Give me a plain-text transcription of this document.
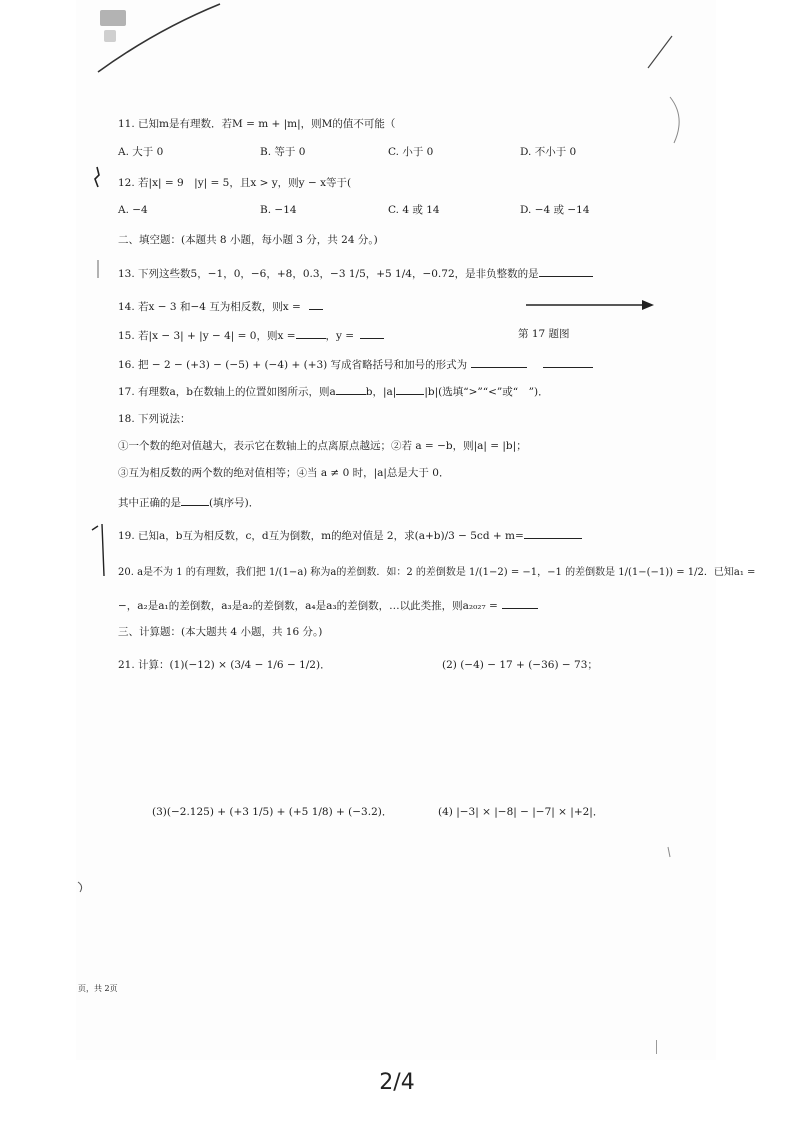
11. 已知m是有理数．若M = m + |m|，则M的值不可能（
A. 大于 0	B. 等于 0	C. 小于 0	D. 不小于 0
12. 若|x| = 9　|y| = 5，且x > y，则y − x等于(
A. −4	B. −14	C. 4 或 14	D. −4 或 −14
二、填空题：(本题共 8 小题，每小题 3 分，共 24 分。)
13. 下列这些数5，−1，0，−6，+8，0.3，−3 1/5，+5 1/4，−0.72，是非负整数的是
14. 若x − 3 和−4 互为相反数，则x =
15. 若|x − 3| + |y − 4| = 0，则x =	，y =	第 17 题图
16. 把 − 2 − (+3) − (−5) + (−4) + (+3) 写成省略括号和加号的形式为
17. 有理数a，b在数轴上的位置如图所示，则a	b，|a|	|b|(选填“>”“<”或“　”)．
18. 下列说法：
①一个数的绝对值越大，表示它在数轴上的点离原点越远；②若 a = −b，则|a| = |b|；
③互为相反数的两个数的绝对值相等；④当 a ≠ 0 时，|a|总是大于 0．
其中正确的是	(填序号)．
19. 已知a，b互为相反数，c，d互为倒数，m的绝对值是 2，求(a+b)/3 − 5cd + m=
20. a是不为 1 的有理数，我们把 1/(1−a) 称为a的差倒数．如：2 的差倒数是 1/(1−2) = −1，−1 的差倒数是 1/(1−(−1)) = 1/2．已知a₁ =
−，a₂是a₁的差倒数，a₃是a₂的差倒数，a₄是a₃的差倒数，…以此类推，则a₂₀₂₇ =
三、计算题：(本大题共 4 小题，共 16 分。)
21. 计算：(1)(−12) × (3/4 − 1/6 − 1/2)．	(2) (−4) − 17 + (−36) − 73；
(3)(−2.125) + (+3 1/5) + (+5 1/8) + (−3.2)．	(4) |−3| × |−8| − |−7| × |+2|．
页，共 2页
2/4
